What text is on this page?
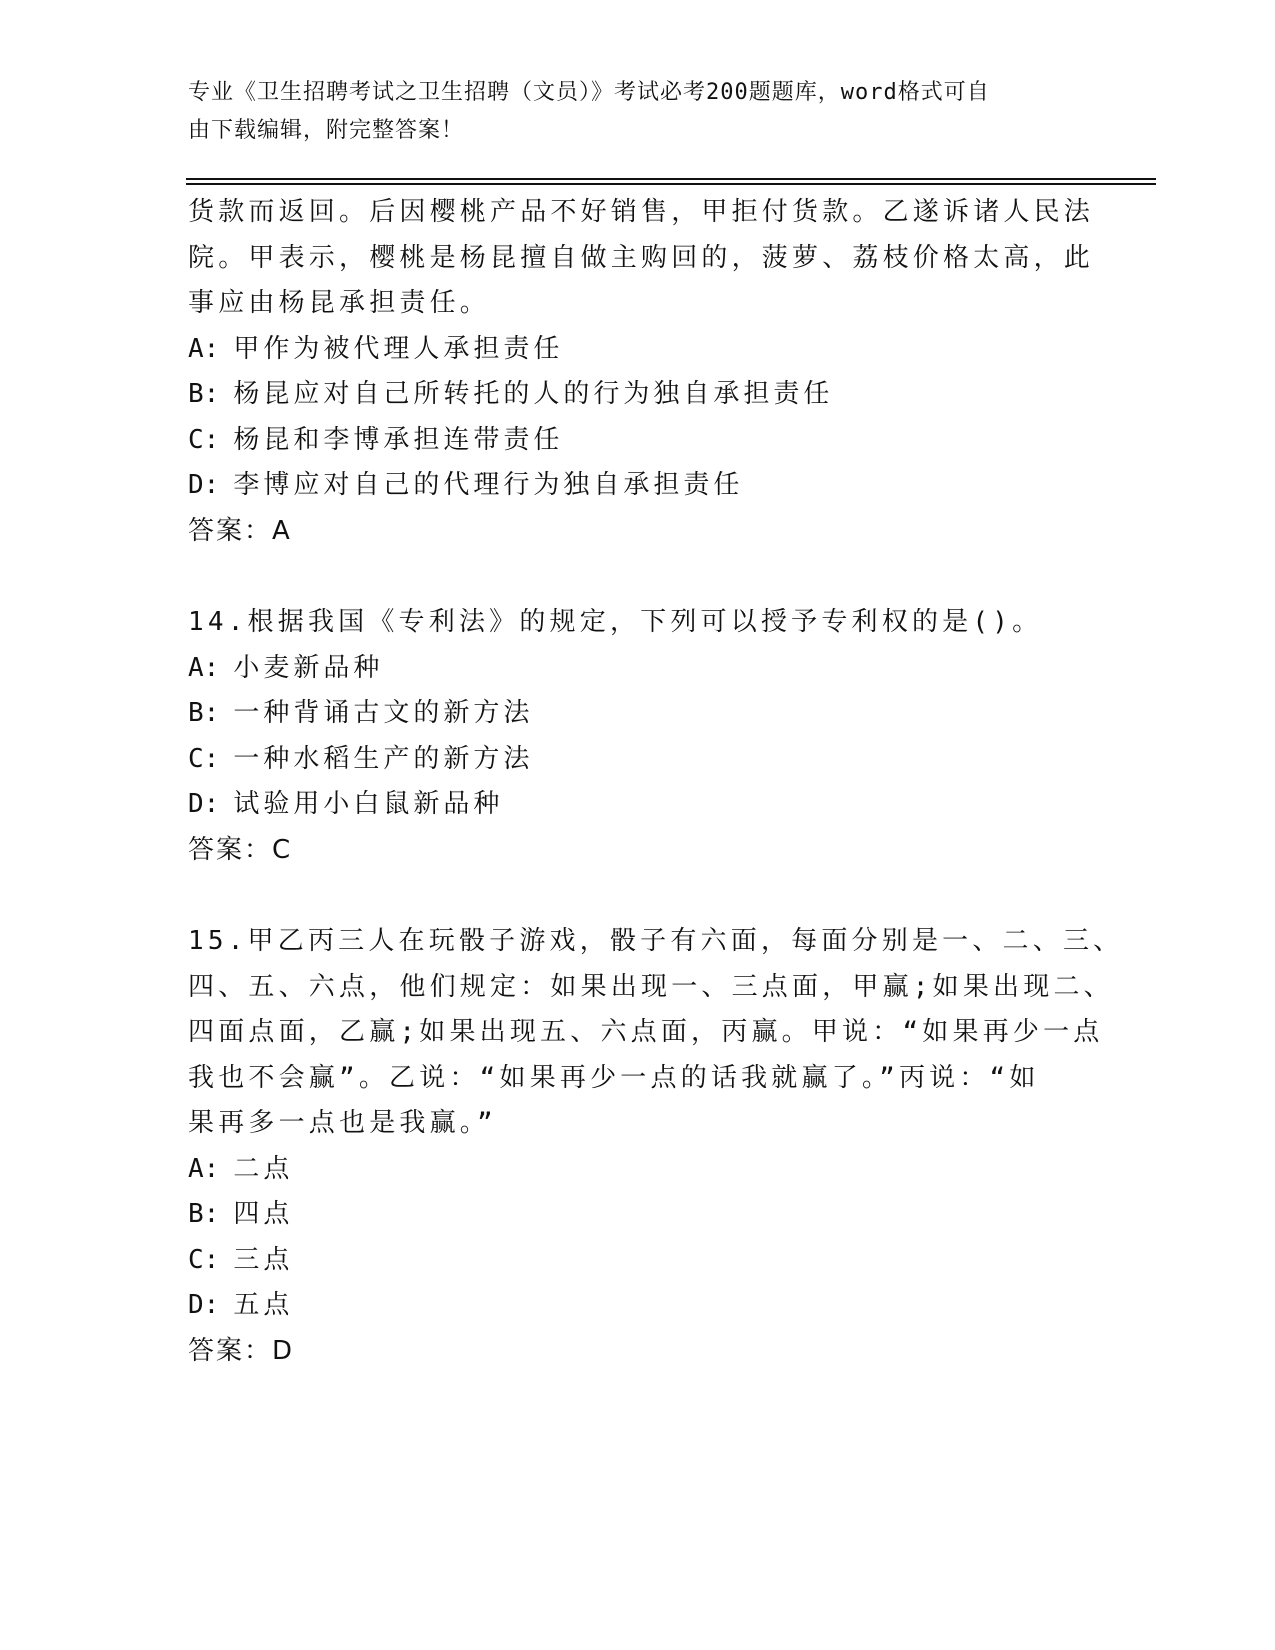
专业《卫生招聘考试之卫生招聘（文员）》考试必考200题题库，word格式可自
由下载编辑，附完整答案！
货款而返回。后因樱桃产品不好销售，甲拒付货款。乙遂诉诸人民法
院。甲表示，樱桃是杨昆擅自做主购回的，菠萝、荔枝价格太高，此
事应由杨昆承担责任。
A: 甲作为被代理人承担责任
B: 杨昆应对自己所转托的人的行为独自承担责任
C: 杨昆和李博承担连带责任
D: 李博应对自己的代理行为独自承担责任
答案：A
14.根据我国《专利法》的规定，下列可以授予专利权的是()。
A: 小麦新品种
B: 一种背诵古文的新方法
C: 一种水稻生产的新方法
D: 试验用小白鼠新品种
答案：C
15.甲乙丙三人在玩骰子游戏，骰子有六面，每面分别是一、二、三、
四、五、六点，他们规定：如果出现一、三点面，甲赢;如果出现二、
四面点面，乙赢;如果出现五、六点面，丙赢。甲说：“如果再少一点
我也不会赢”。乙说：“如果再少一点的话我就赢了。”丙说：“如
果再多一点也是我赢。”
A: 二点
B: 四点
C: 三点
D: 五点
答案：D
